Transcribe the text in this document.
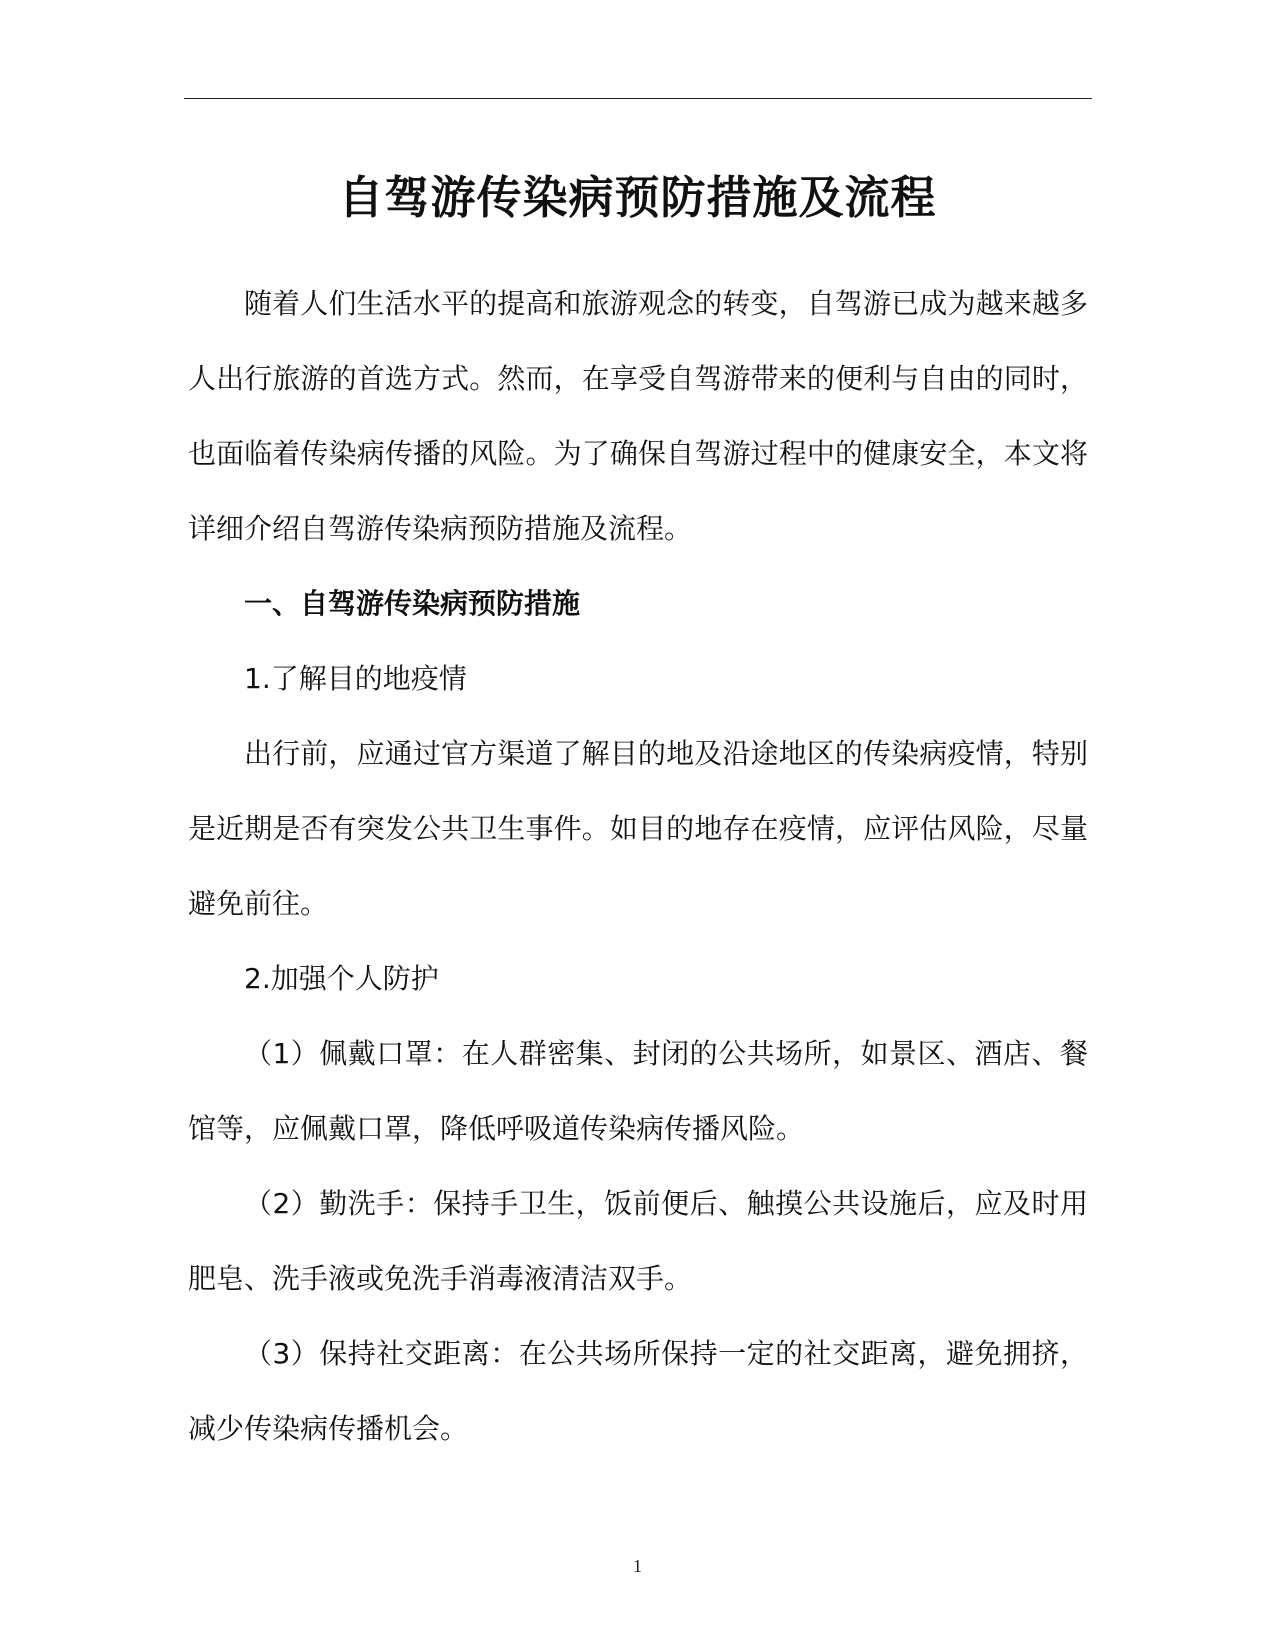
自驾游传染病预防措施及流程

随着人们生活水平的提高和旅游观念的转变，自驾游已成为越来越多人出行旅游的首选方式。然而，在享受自驾游带来的便利与自由的同时，也面临着传染病传播的风险。为了确保自驾游过程中的健康安全，本文将详细介绍自驾游传染病预防措施及流程。

一、自驾游传染病预防措施

1.了解目的地疫情

出行前，应通过官方渠道了解目的地及沿途地区的传染病疫情，特别是近期是否有突发公共卫生事件。如目的地存在疫情，应评估风险，尽量避免前往。

2.加强个人防护

（1）佩戴口罩：在人群密集、封闭的公共场所，如景区、酒店、餐馆等，应佩戴口罩，降低呼吸道传染病传播风险。

（2）勤洗手：保持手卫生，饭前便后、触摸公共设施后，应及时用肥皂、洗手液或免洗手消毒液清洁双手。

（3）保持社交距离：在公共场所保持一定的社交距离，避免拥挤，减少传染病传播机会。

1
